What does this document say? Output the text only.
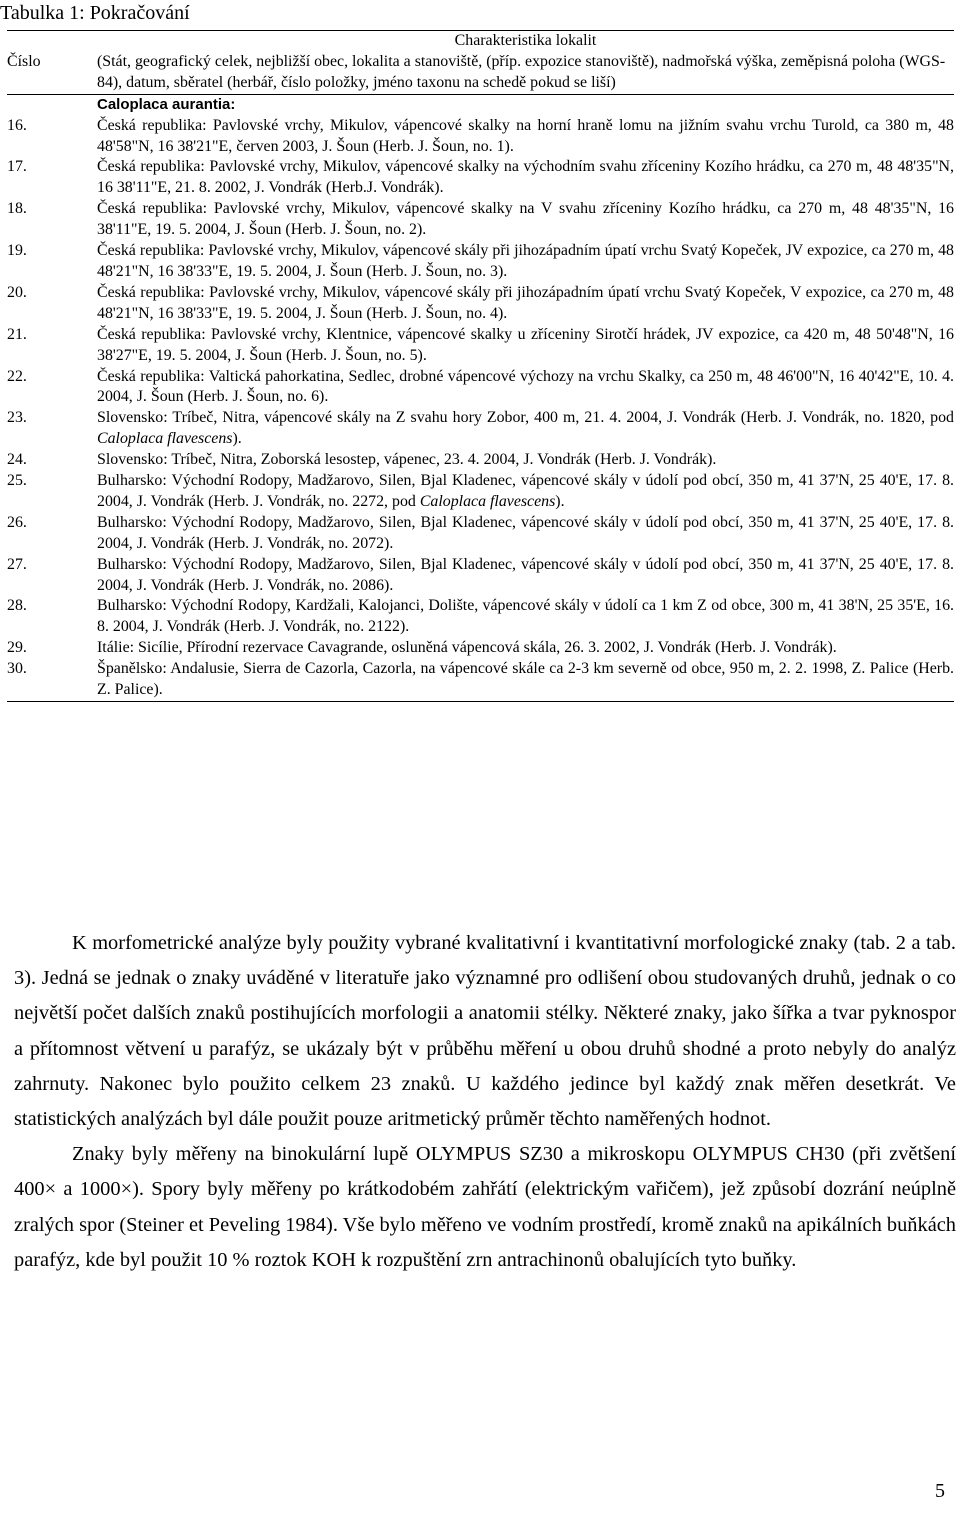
Tabulka 1: Pokračování
Číslo	Charakteristika lokalit
(Stát, geografický celek, nejbližší obec, lokalita a stanoviště, (příp. expozice stanoviště), nadmořská výška, zeměpisná poloha (WGS-84), datum, sběratel (herbář, číslo položky, jméno taxonu na schedě pokud se liší)

	Caloplaca aurantia:
16.	Česká republika: Pavlovské vrchy, Mikulov, vápencové skalky na horní hraně lomu na jižním svahu vrchu Turold, ca 380 m, 48 48'58"N, 16 38'21"E, červen 2003, J. Šoun (Herb. J. Šoun, no. 1).
17.	Česká republika: Pavlovské vrchy, Mikulov, vápencové skalky na východním svahu zříceniny Kozího hrádku, ca 270 m, 48 48'35"N, 16 38'11"E, 21. 8. 2002, J. Vondrák (Herb.J. Vondrák).
18.	Česká republika: Pavlovské vrchy, Mikulov, vápencové skalky na V svahu zříceniny Kozího hrádku, ca 270 m, 48 48'35"N, 16 38'11"E, 19. 5. 2004, J. Šoun (Herb. J. Šoun, no. 2).
19.	Česká republika: Pavlovské vrchy, Mikulov, vápencové skály při jihozápadním úpatí vrchu Svatý Kopeček, JV expozice, ca 270 m, 48 48'21"N, 16 38'33"E, 19. 5. 2004, J. Šoun (Herb. J. Šoun, no. 3).
20.	Česká republika: Pavlovské vrchy, Mikulov, vápencové skály při jihozápadním úpatí vrchu Svatý Kopeček, V expozice, ca 270 m, 48 48'21"N, 16 38'33"E, 19. 5. 2004, J. Šoun (Herb. J. Šoun, no. 4).
21.	Česká republika: Pavlovské vrchy, Klentnice, vápencové skalky u zříceniny Sirotčí hrádek, JV expozice, ca 420 m, 48 50'48"N, 16 38'27"E, 19. 5. 2004, J. Šoun (Herb. J. Šoun, no. 5).
22.	Česká republika: Valtická pahorkatina, Sedlec, drobné vápencové výchozy na vrchu Skalky, ca 250 m, 48 46'00"N, 16 40'42"E, 10. 4. 2004, J. Šoun (Herb. J. Šoun, no. 6).
23.	Slovensko: Tríbeč, Nitra, vápencové skály na Z svahu hory Zobor, 400 m, 21. 4. 2004, J. Vondrák (Herb. J. Vondrák, no. 1820, pod Caloplaca flavescens).
24.	Slovensko: Tríbeč, Nitra, Zoborská lesostep, vápenec, 23. 4. 2004, J. Vondrák (Herb. J. Vondrák).
25.	Bulharsko: Východní Rodopy, Madžarovo, Silen, Bjal Kladenec, vápencové skály v údolí pod obcí, 350 m, 41 37'N, 25 40'E, 17. 8. 2004, J. Vondrák (Herb. J. Vondrák, no. 2272, pod Caloplaca flavescens).
26.	Bulharsko: Východní Rodopy, Madžarovo, Silen, Bjal Kladenec, vápencové skály v údolí pod obcí, 350 m, 41 37'N, 25 40'E, 17. 8. 2004, J. Vondrák (Herb. J. Vondrák, no. 2072).
27.	Bulharsko: Východní Rodopy, Madžarovo, Silen, Bjal Kladenec, vápencové skály v údolí pod obcí, 350 m, 41 37'N, 25 40'E, 17. 8. 2004, J. Vondrák (Herb. J. Vondrák, no. 2086).
28.	Bulharsko: Východní Rodopy, Kardžali, Kalojanci, Dolište, vápencové skály v údolí ca 1 km Z od obce, 300 m, 41 38'N, 25 35'E, 16. 8. 2004, J. Vondrák (Herb. J. Vondrák, no. 2122).
29.	Itálie: Sicílie, Přírodní rezervace Cavagrande, osluněná vápencová skála, 26. 3. 2002, J. Vondrák (Herb. J. Vondrák).
30.	Španělsko: Andalusie, Sierra de Cazorla, Cazorla, na vápencové skále ca 2-3 km severně od obce, 950 m, 2. 2. 1998, Z. Palice (Herb. Z. Palice).

K morfometrické analýze byly použity vybrané kvalitativní i kvantitativní morfologické znaky (tab. 2 a tab. 3). Jedná se jednak o znaky uváděné v literatuře jako významné pro odlišení obou studovaných druhů, jednak o co největší počet dalších znaků postihujících morfologii a anatomii stélky. Některé znaky, jako šířka a tvar pyknospor a přítomnost větvení u parafýz, se ukázaly být v průběhu měření u obou druhů shodné a proto nebyly do analýz zahrnuty. Nakonec bylo použito celkem 23 znaků. U každého jedince byl každý znak měřen desetkrát. Ve statistických analýzách byl dále použit pouze aritmetický průměr těchto naměřených hodnot.

Znaky byly měřeny na binokulární lupě OLYMPUS SZ30 a mikroskopu OLYMPUS CH30 (při zvětšení 400× a 1000×). Spory byly měřeny po krátkodobém zahřátí (elektrickým vařičem), jež způsobí dozrání neúplně zralých spor (Steiner et Peveling 1984). Vše bylo měřeno ve vodním prostředí, kromě znaků na apikálních buňkách parafýz, kde byl použit 10 % roztok KOH k rozpuštění zrn antrachinonů obalujících tyto buňky.

5
